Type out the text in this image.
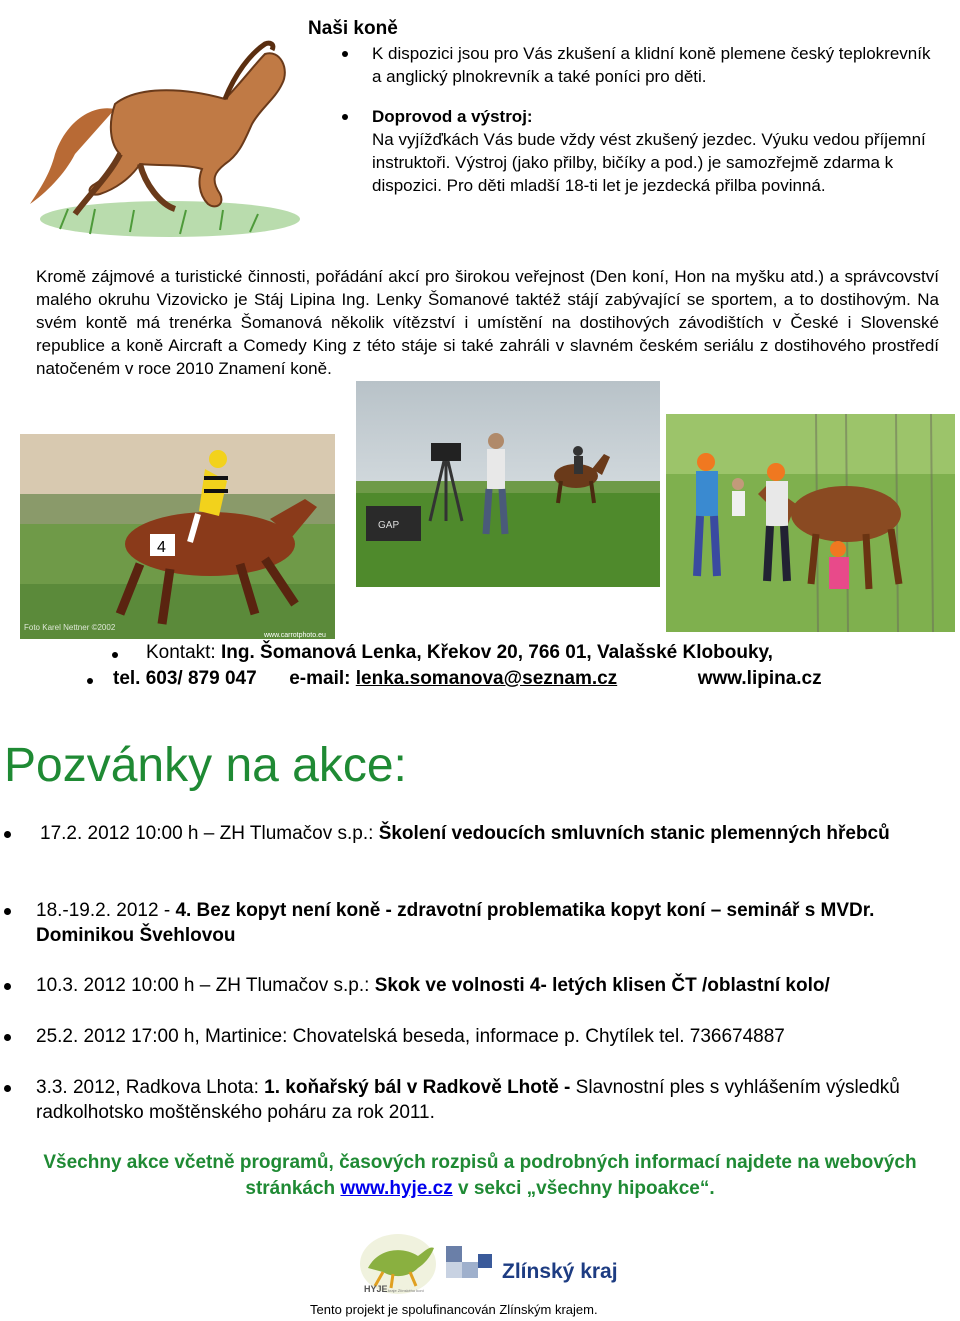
Naši koně
K dispozici jsou pro Vás zkušení a klidní koně plemene český teplokrevník a anglický plnokrevník a také poníci pro děti.
Doprovod a výstroj:
Na vyjížďkách Vás bude vždy vést zkušený jezdec. Výuku vedou příjemní instruktoři. Výstroj (jako přilby, bičíky a pod.) je samozřejmě zdarma k dispozici. Pro děti mladší 18-ti let je jezdecká přilba povinná.
Kromě zájmové a turistické činnosti, pořádání akcí pro širokou veřejnost (Den koní, Hon na myšku atd.) a správcovství malého okruhu Vizovicko je Stáj Lipina Ing. Lenky Šomanové taktéž stájí zabývající se sportem, a to dostihovým. Na svém kontě má trenérka Šomanová několik vítězství i umístění na dostihových závodištích v České i Slovenské republice a koně Aircraft a Comedy King z této stáje si také zahráli v slavném českém seriálu z dostihového prostředí natočeném v roce 2010 Znamení koně.
4
Foto Karel Nettner ©2002
www.carrotphoto.eu
GAP
Kontakt: Ing. Šomanová Lenka, Křekov 20, 766 01, Valašské Klobouky,
tel. 603/ 879 047 e-mail: lenka.somanova@seznam.cz	www.lipina.cz
Pozvánky na akce:
17.2. 2012 10:00 h – ZH Tlumačov s.p.: Školení vedoucích smluvních stanic plemenných hřebců
18.-19.2. 2012 - 4. Bez kopyt není koně - zdravotní problematika kopyt koní – seminář s MVDr. Dominikou Švehlovou
10.3. 2012 10:00 h – ZH Tlumačov s.p.: Skok ve volnosti 4- letých klisen ČT /oblastní kolo/
25.2. 2012 17:00 h, Martinice: Chovatelská beseda, informace p. Chytílek tel. 736674887
3.3. 2012, Radkova Lhota: 1. koňařský bál v Radkově Lhotě - Slavnostní ples s vyhlášením výsledků radkolhotsko moštěnského poháru za rok 2011.
Všechny akce včetně programů, časových rozpisů a podrobných informací najdete na webových stránkách www.hyje.cz v sekci „všechny hipoakce“.
HYJE kraje Zlínského koní
Zlínský kraj
Tento projekt je spolufinancován Zlínským krajem.
